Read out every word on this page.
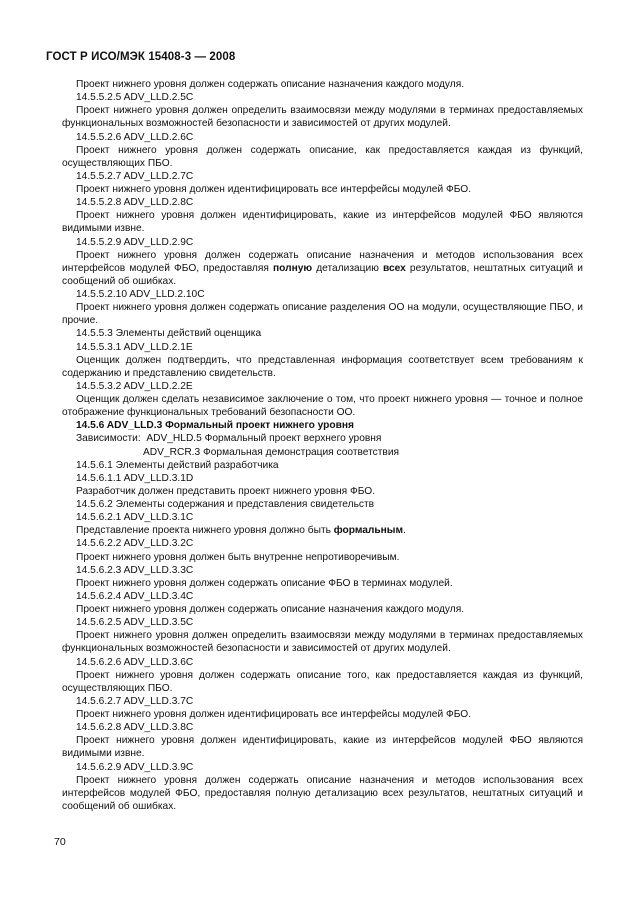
ГОСТ Р ИСО/МЭК 15408-3 — 2008

Проект нижнего уровня должен содержать описание назначения каждого модуля.

14.5.5.2.5 ADV_LLD.2.5C

Проект нижнего уровня должен определить взаимосвязи между модулями в терминах предоставляемых функциональных возможностей безопасности и зависимостей от других модулей.

14.5.5.2.6 ADV_LLD.2.6C

Проект нижнего уровня должен содержать описание, как предоставляется каждая из функций, осуществляющих ПБО.

14.5.5.2.7 ADV_LLD.2.7C

Проект нижнего уровня должен идентифицировать все интерфейсы модулей ФБО.

14.5.5.2.8 ADV_LLD.2.8C

Проект нижнего уровня должен идентифицировать, какие из интерфейсов модулей ФБО являются видимыми извне.

14.5.5.2.9 ADV_LLD.2.9C

Проект нижнего уровня должен содержать описание назначения и методов использования всех интерфейсов модулей ФБО, предоставляя полную детализацию всех результатов, нештатных ситуаций и сообщений об ошибках.

14.5.5.2.10 ADV_LLD.2.10C

Проект нижнего уровня должен содержать описание разделения ОО на модули, осуществляющие ПБО, и прочие.

14.5.5.3 Элементы действий оценщика

14.5.5.3.1 ADV_LLD.2.1E

Оценщик должен подтвердить, что представленная информация соответствует всем требованиям к содержанию и представлению свидетельств.

14.5.5.3.2 ADV_LLD.2.2E

Оценщик должен сделать независимое заключение о том, что проект нижнего уровня — точное и полное отображение функциональных требований безопасности ОО.

14.5.6 ADV_LLD.3 Формальный проект нижнего уровня

Зависимости:  ADV_HLD.5 Формальный проект верхнего уровня

ADV_RCR.3 Формальная демонстрация соответствия

14.5.6.1 Элементы действий разработчика

14.5.6.1.1 ADV_LLD.3.1D

Разработчик должен представить проект нижнего уровня ФБО.

14.5.6.2 Элементы содержания и представления свидетельств

14.5.6.2.1 ADV_LLD.3.1C

Представление проекта нижнего уровня должно быть формальным.

14.5.6.2.2 ADV_LLD.3.2C

Проект нижнего уровня должен быть внутренне непротиворечивым.

14.5.6.2.3 ADV_LLD.3.3C

Проект нижнего уровня должен содержать описание ФБО в терминах модулей.

14.5.6.2.4 ADV_LLD.3.4C

Проект нижнего уровня должен содержать описание назначения каждого модуля.

14.5.6.2.5 ADV_LLD.3.5C

Проект нижнего уровня должен определить взаимосвязи между модулями в терминах предоставляемых функциональных возможностей безопасности и зависимостей от других модулей.

14.5.6.2.6 ADV_LLD.3.6C

Проект нижнего уровня должен содержать описание того, как предоставляется каждая из функций, осуществляющих ПБО.

14.5.6.2.7 ADV_LLD.3.7C

Проект нижнего уровня должен идентифицировать все интерфейсы модулей ФБО.

14.5.6.2.8 ADV_LLD.3.8C

Проект нижнего уровня должен идентифицировать, какие из интерфейсов модулей ФБО являются видимыми извне.

14.5.6.2.9 ADV_LLD.3.9C

Проект нижнего уровня должен содержать описание назначения и методов использования всех интерфейсов модулей ФБО, предоставляя полную детализацию всех результатов, нештатных ситуаций и сообщений об ошибках.

70
